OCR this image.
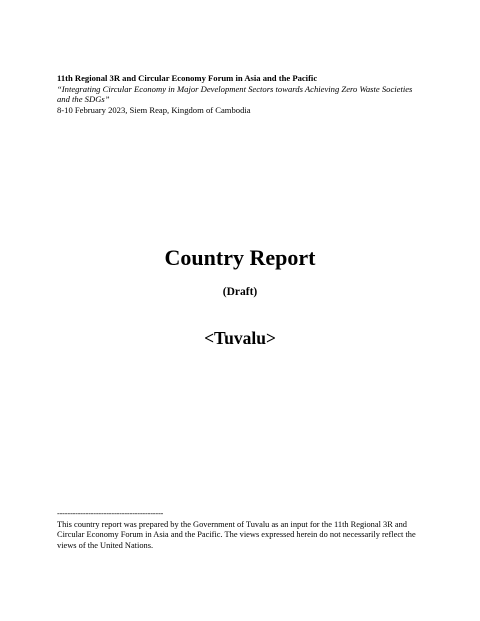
11th Regional 3R and Circular Economy Forum in Asia and the Pacific
“Integrating Circular Economy in Major Development Sectors towards Achieving Zero Waste Societies and the SDGs”
8-10 February 2023, Siem Reap, Kingdom of Cambodia
Country Report
(Draft)
<Tuvalu>
-----------------------------------------
This country report was prepared by the Government of Tuvalu as an input for the 11th Regional 3R and Circular Economy Forum in Asia and the Pacific. The views expressed herein do not necessarily reflect the views of the United Nations.
